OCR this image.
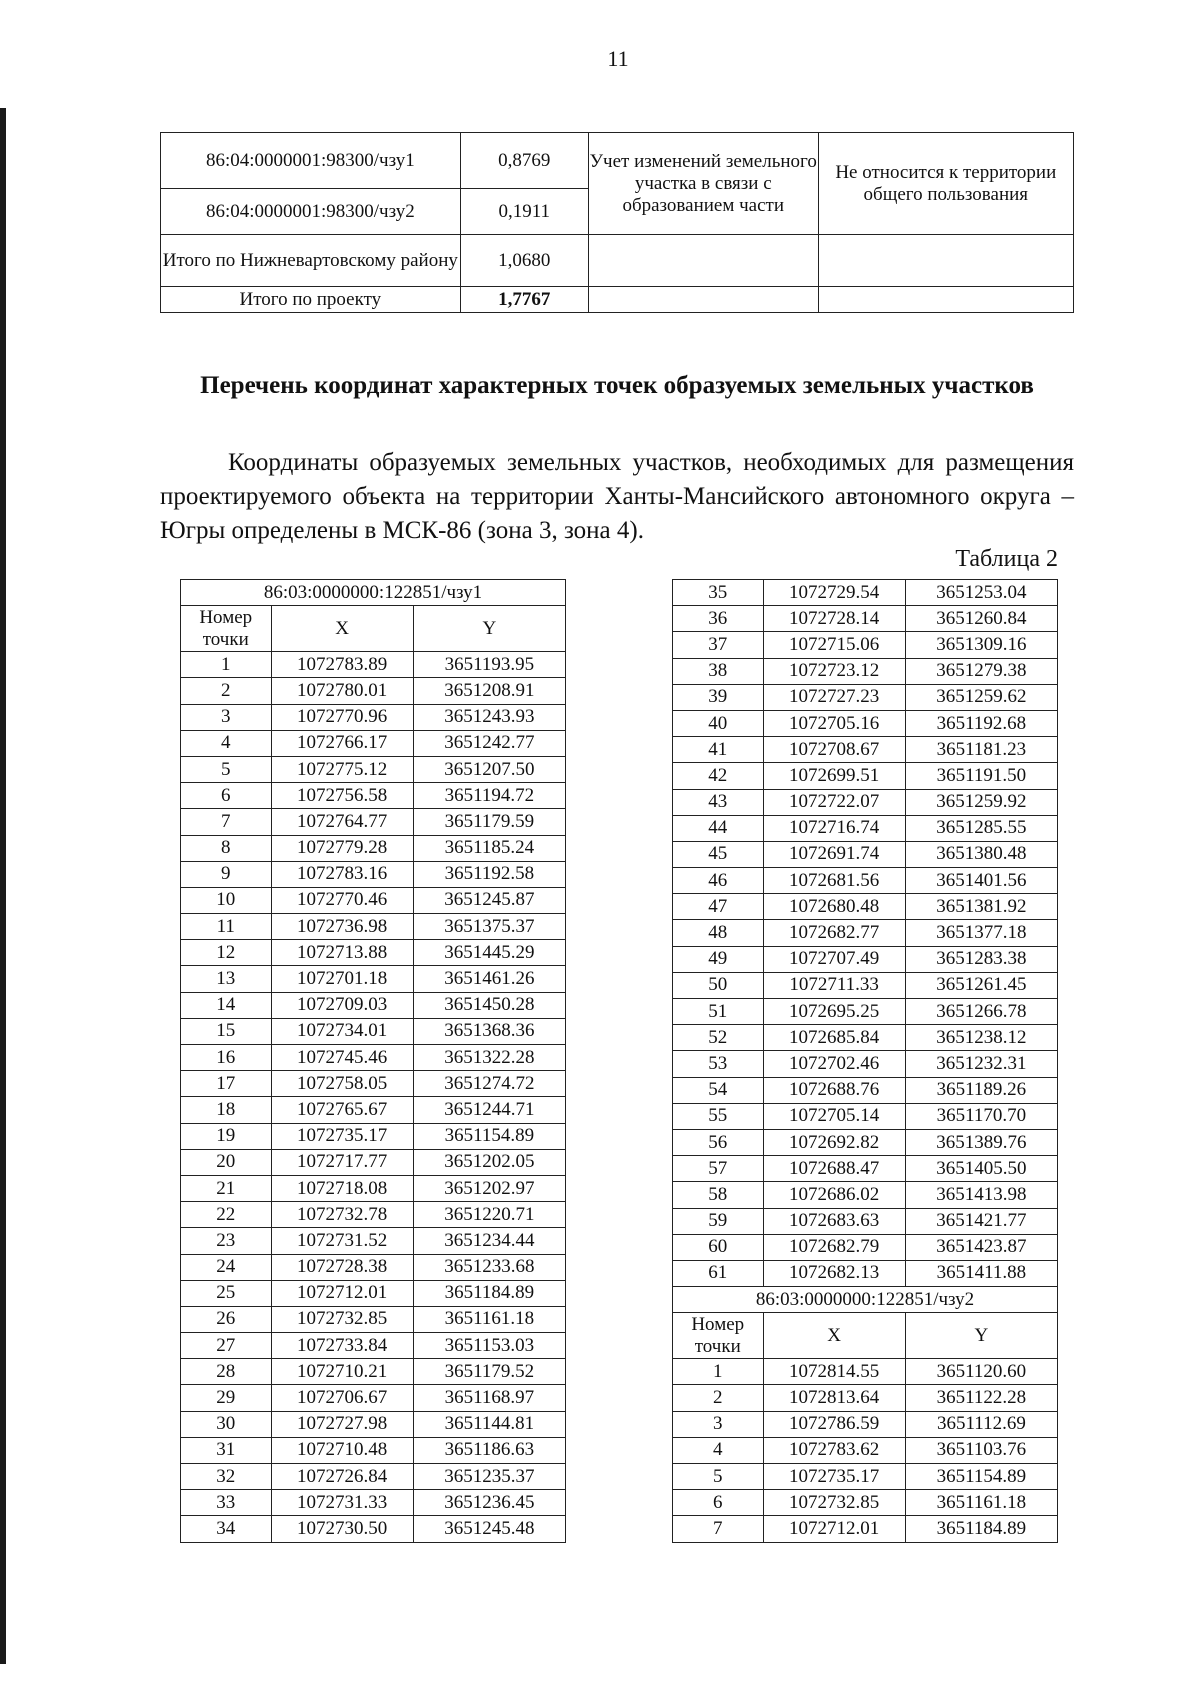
11
86:04:0000001:98300/чзу1	0,8769	Учет изменений земельного участка в связи с образованием части	Не относится к территории общего пользования
86:04:0000001:98300/чзу2	0,1911		
Итого по Нижневартовскому району	1,0680		
Итого по проекту	1,7767		
Перечень координат характерных точек образуемых земельных участков
Координаты образуемых земельных участков, необходимых для размещения проектируемого объекта на территории Ханты-Мансийского автономного округа – Югры определены в МСК-86 (зона 3, зона 4).
Таблица 2
86:03:0000000:122851/чзу1		
Номер точки	X	Y
1	1072783.89	3651193.95
2	1072780.01	3651208.91
3	1072770.96	3651243.93
4	1072766.17	3651242.77
5	1072775.12	3651207.50
6	1072756.58	3651194.72
7	1072764.77	3651179.59
8	1072779.28	3651185.24
9	1072783.16	3651192.58
10	1072770.46	3651245.87
11	1072736.98	3651375.37
12	1072713.88	3651445.29
13	1072701.18	3651461.26
14	1072709.03	3651450.28
15	1072734.01	3651368.36
16	1072745.46	3651322.28
17	1072758.05	3651274.72
18	1072765.67	3651244.71
19	1072735.17	3651154.89
20	1072717.77	3651202.05
21	1072718.08	3651202.97
22	1072732.78	3651220.71
23	1072731.52	3651234.44
24	1072728.38	3651233.68
25	1072712.01	3651184.89
26	1072732.85	3651161.18
27	1072733.84	3651153.03
28	1072710.21	3651179.52
29	1072706.67	3651168.97
30	1072727.98	3651144.81
31	1072710.48	3651186.63
32	1072726.84	3651235.37
33	1072731.33	3651236.45
34	1072730.50	3651245.48
35	1072729.54	3651253.04
36	1072728.14	3651260.84
37	1072715.06	3651309.16
38	1072723.12	3651279.38
39	1072727.23	3651259.62
40	1072705.16	3651192.68
41	1072708.67	3651181.23
42	1072699.51	3651191.50
43	1072722.07	3651259.92
44	1072716.74	3651285.55
45	1072691.74	3651380.48
46	1072681.56	3651401.56
47	1072680.48	3651381.92
48	1072682.77	3651377.18
49	1072707.49	3651283.38
50	1072711.33	3651261.45
51	1072695.25	3651266.78
52	1072685.84	3651238.12
53	1072702.46	3651232.31
54	1072688.76	3651189.26
55	1072705.14	3651170.70
56	1072692.82	3651389.76
57	1072688.47	3651405.50
58	1072686.02	3651413.98
59	1072683.63	3651421.77
60	1072682.79	3651423.87
61	1072682.13	3651411.88
86:03:0000000:122851/чзу2		
Номер точки	X	Y
1	1072814.55	3651120.60
2	1072813.64	3651122.28
3	1072786.59	3651112.69
4	1072783.62	3651103.76
5	1072735.17	3651154.89
6	1072732.85	3651161.18
7	1072712.01	3651184.89
